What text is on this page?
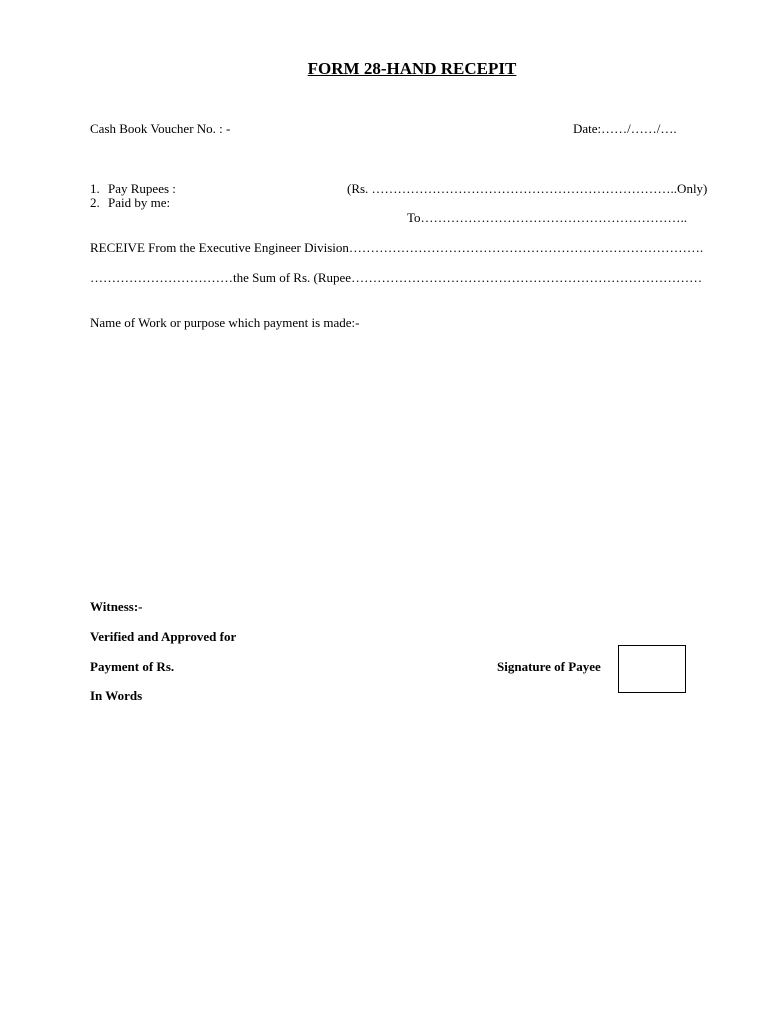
FORM 28-HAND RECEPIT
Cash Book Voucher No. : -	Date:……/……/….
1. Pay Rupees :	(Rs. ……………………………………………………………..Only)
2. Paid by me:
To……………………………………………………..
RECEIVE From the Executive Engineer Division……………………………………………………………………….
……………………………the Sum of Rs. (Rupee………………………………………………………………………
Name of Work or purpose which payment is made:-
Witness:-
Verified and Approved for
Payment of Rs.
In Words
Signature of Payee
